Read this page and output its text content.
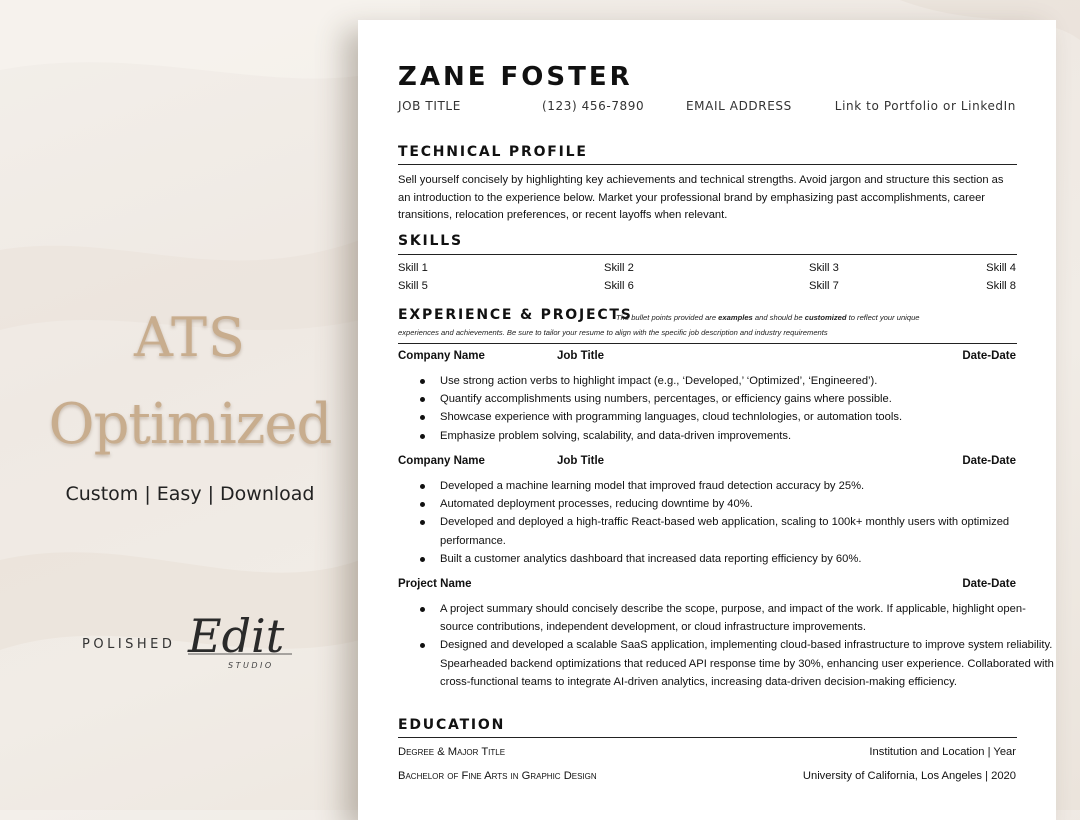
ATS
Optimized
Custom | Easy | Download
Edit
POLISHED
STUDIO
ZANE FOSTER
JOB TITLE	(123) 456-7890	EMAIL ADDRESS	Link to Portfolio or LinkedIn
TECHNICAL PROFILE
Sell yourself concisely by highlighting key achievements and technical strengths. Avoid jargon and structure this section as an introduction to the experience below. Market your professional brand by emphasizing past accomplishments, career transitions, relocation preferences, or recent layoffs when relevant.
SKILLS
Skill 1	Skill 2	Skill 3	Skill 4
Skill 5	Skill 6	Skill 7	Skill 8
EXPERIENCE & PROJECTS
The bullet points provided are examples and should be customized to reflect your unique
experiences and achievements. Be sure to tailor your resume to align with the specific job description and industry requirements
Company Name	Job Title	Date-Date
Use strong action verbs to highlight impact (e.g., ‘Developed,’ ‘Optimized’, ‘Engineered’).
Quantify accomplishments using numbers, percentages, or efficiency gains where possible.
Showcase experience with programming languages, cloud technlologies, or automation tools.
Emphasize problem solving, scalability, and data-driven improvements.
Company Name	Job Title	Date-Date
Developed a machine learning model that improved fraud detection accuracy by 25%.
Automated deployment processes, reducing downtime by 40%.
Developed and deployed a high-traffic React-based web application, scaling to 100k+ monthly users with optimized performance.
Built a customer analytics dashboard that increased data reporting efficiency by 60%.
Project Name	Date-Date
A project summary should concisely describe the scope, purpose, and impact of the work. If applicable, highlight open-source contributions, independent development, or cloud infrastructure improvements.
Designed and developed a scalable SaaS application, implementing cloud-based infrastructure to improve system reliability. Spearheaded backend optimizations that reduced API response time by 30%, enhancing user experience. Collaborated with cross-functional teams to integrate AI-driven analytics, increasing data-driven decision-making efficiency.
EDUCATION
Degree & Major Title	Institution and Location | Year
Bachelor of Fine Arts in Graphic Design	University of California, Los Angeles | 2020
